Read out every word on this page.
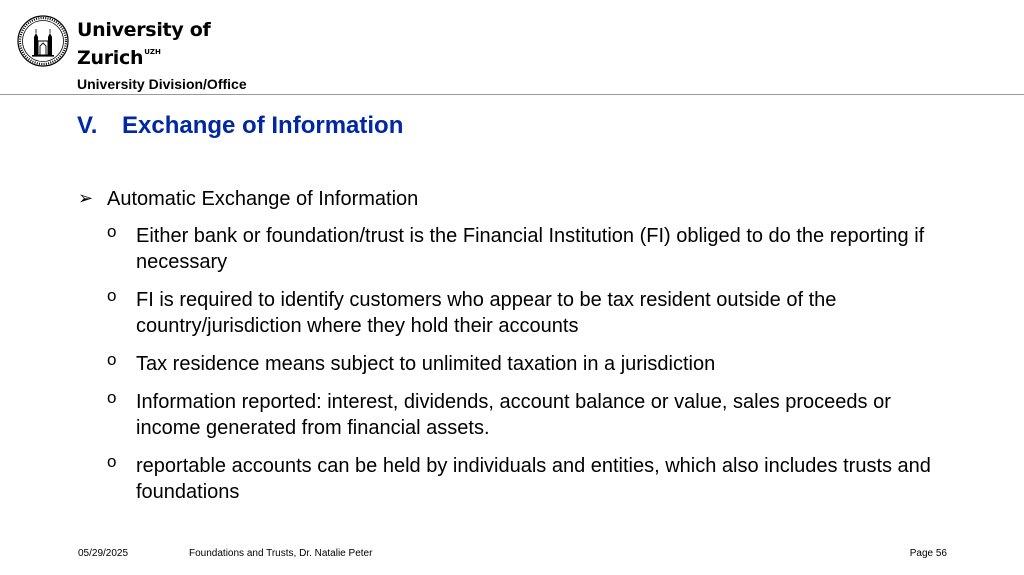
University of
Zurich$^{UZH}$
University Division/Office
V. Exchange of Information
➢ Automatic Exchange of Information
o Either bank or foundation/trust is the Financial Institution (FI) obliged to do the reporting if necessary
o FI is required to identify customers who appear to be tax resident outside of the country/jurisdiction where they hold their accounts
o Tax residence means subject to unlimited taxation in a jurisdiction
o Information reported: interest, dividends, account balance or value, sales proceeds or income generated from financial assets.
o reportable accounts can be held by individuals and entities, which also includes trusts and foundations
05/29/2025	Foundations and Trusts, Dr. Natalie Peter	Page 56
